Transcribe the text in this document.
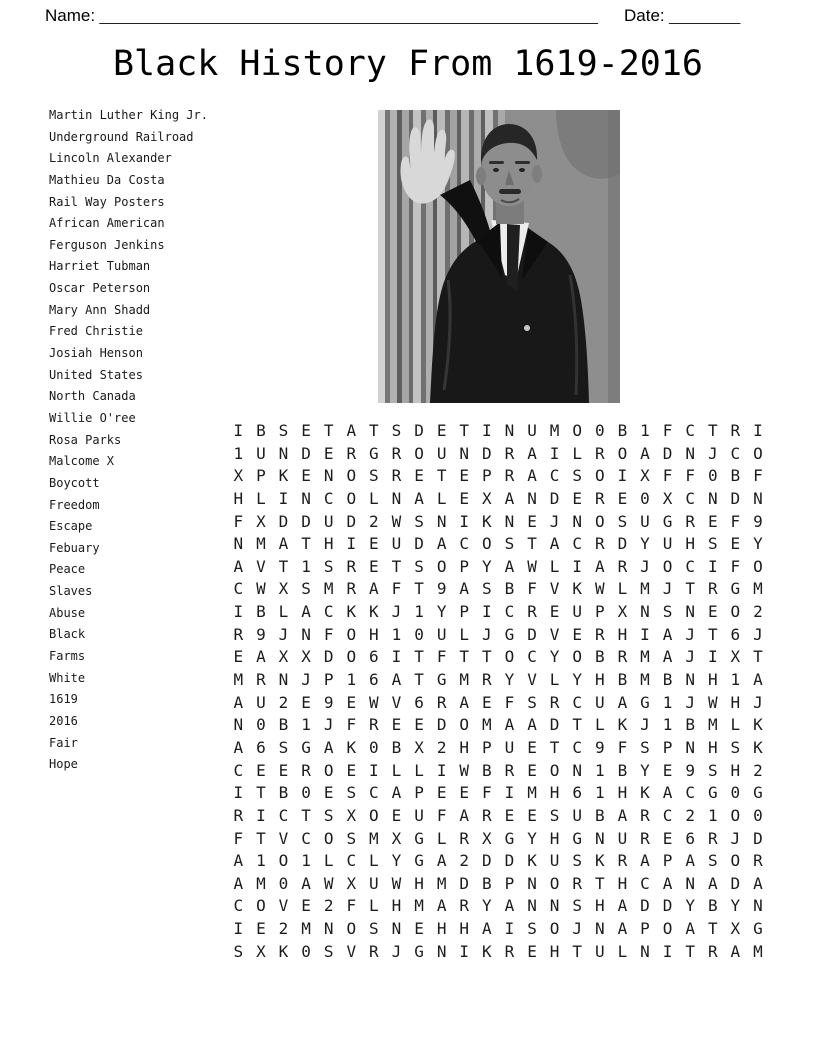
Name: ________________________________________________________ Date: ________
Black History From 1619-2016
Martin Luther King Jr.
Underground Railroad
Lincoln Alexander
Mathieu Da Costa
Rail Way Posters
African American
Ferguson Jenkins
Harriet Tubman
Oscar Peterson
Mary Ann Shadd
Fred Christie
Josiah Henson
United States
North Canada
Willie O'ree
Rosa Parks
Malcome X
Boycott
Freedom
Escape
Febuary
Peace
Slaves
Abuse
Black
Farms
White
1619
2016
Fair
Hope
I B S E T A T S D E T I N U M O 0 B 1 F C T R I
1 U N D E R G R O U N D R A I L R O A D N J C O
X P K E N O S R E T E P R A C S O I X F F 0 B F
H L I N C O L N A L E X A N D E R E 0 X C N D N
F X D D U D 2 W S N I K N E J N O S U G R E F 9
N M A T H I E U D A C O S T A C R D Y U H S E Y
A V T 1 S R E T S O P Y A W L I A R J O C I F O
C W X S M R A F T 9 A S B F V K W L M J T R G M
I B L A C K K J 1 Y P I C R E U P X N S N E O 2
R 9 J N F O H 1 0 U L J G D V E R H I A J T 6 J
E A X X D O 6 I T F T T O C Y O B R M A J I X T
M R N J P 1 6 A T G M R Y V L Y H B M B N H 1 A
A U 2 E 9 E W V 6 R A E F S R C U A G 1 J W H J
N 0 B 1 J F R E E D O M A A D T L K J 1 B M L K
A 6 S G A K 0 B X 2 H P U E T C 9 F S P N H S K
C E E R O E I L L I W B R E O N 1 B Y E 9 S H 2
I T B 0 E S C A P E E F I M H 6 1 H K A C G 0 G
R I C T S X O E U F A R E E S U B A R C 2 1 O 0
F T V C O S M X G L R X G Y H G N U R E 6 R J D
A 1 O 1 L C L Y G A 2 D D K U S K R A P A S O R
A M 0 A W X U W H M D B P N O R T H C A N A D A
C O V E 2 F L H M A R Y A N N S H A D D Y B Y N
I E 2 M N O S N E H H A I S O J N A P O A T X G
S X K 0 S V R J G N I K R E H T U L N I T R A M
